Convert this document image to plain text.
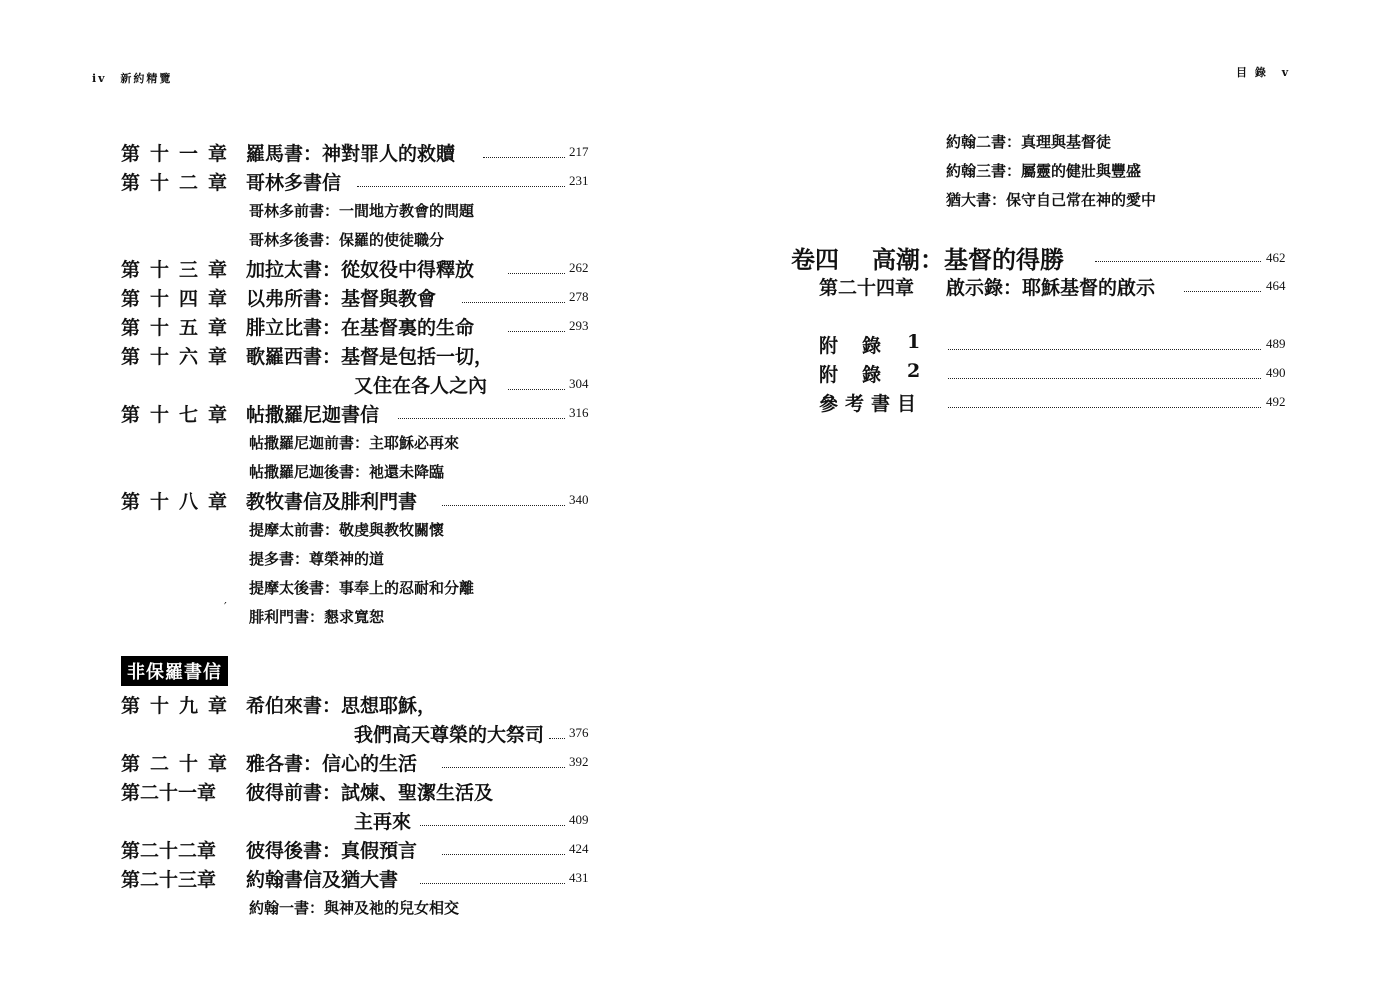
iv 新約精覽	目 錄 v
第十一章 羅馬書：神對罪人的救贖	217
第十二章 哥林多書信	231
哥林多前書：一間地方教會的問題
哥林多後書：保羅的使徒職分
第十三章 加拉太書：從奴役中得釋放	262
第十四章 以弗所書：基督與教會	278
第十五章 腓立比書：在基督裏的生命	293
第十六章 歌羅西書：基督是包括一切，
又住在各人之內	304
第十七章 帖撒羅尼迦書信	316
帖撒羅尼迦前書：主耶穌必再來
帖撒羅尼迦後書：祂還未降臨
第十八章 教牧書信及腓利門書	340
提摩太前書：敬虔與教牧關懷
提多書：尊榮神的道
提摩太後書：事奉上的忍耐和分離
′
腓利門書：懇求寬恕
非保羅書信
第十九章 希伯來書：思想耶穌，
我們高天尊榮的大祭司 376
第二十章 雅各書：信心的生活	392
第二十一章 彼得前書：試煉、聖潔生活及
主再來	409
第二十二章 彼得後書：真假預言	424
第二十三章 約翰書信及猶大書	431
約翰一書：與神及祂的兒女相交
約翰二書：真理與基督徒
約翰三書：屬靈的健壯與豐盛
猶大書：保守自己常在神的愛中
卷四 高潮：基督的得勝	462
第二十四章 啟示錄：耶穌基督的啟示	464
附錄 1	489
附錄 2	490
參考書目	492
